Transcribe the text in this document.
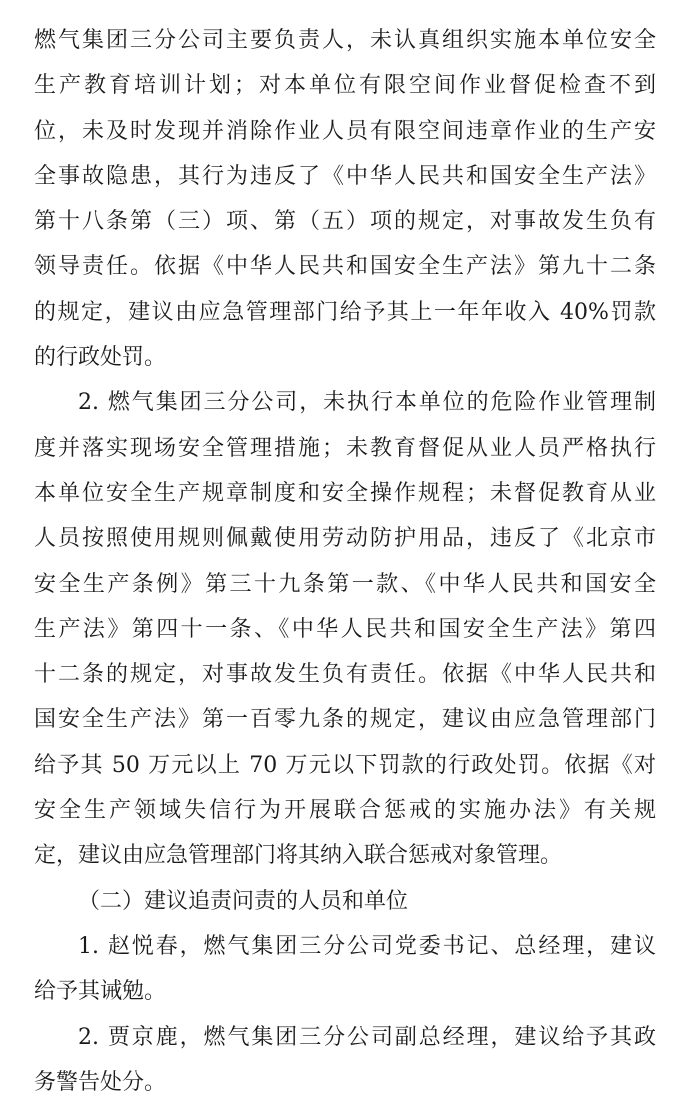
燃气集团三分公司主要负责人，未认真组织实施本单位安全
生产教育培训计划；对本单位有限空间作业督促检查不到
位，未及时发现并消除作业人员有限空间违章作业的生产安
全事故隐患，其行为违反了《中华人民共和国安全生产法》
第十八条第（三）项、第（五）项的规定，对事故发生负有
领导责任。依据《中华人民共和国安全生产法》第九十二条
的规定，建议由应急管理部门给予其上一年年收入 40%罚款
的行政处罚。
2. 燃气集团三分公司，未执行本单位的危险作业管理制
度并落实现场安全管理措施；未教育督促从业人员严格执行
本单位安全生产规章制度和安全操作规程；未督促教育从业
人员按照使用规则佩戴使用劳动防护用品，违反了《北京市
安全生产条例》第三十九条第一款、《中华人民共和国安全
生产法》第四十一条、《中华人民共和国安全生产法》第四
十二条的规定，对事故发生负有责任。依据《中华人民共和
国安全生产法》第一百零九条的规定，建议由应急管理部门
给予其 50 万元以上 70 万元以下罚款的行政处罚。依据《对
安全生产领域失信行为开展联合惩戒的实施办法》有关规
定，建议由应急管理部门将其纳入联合惩戒对象管理。
（二）建议追责问责的人员和单位
1. 赵悦春，燃气集团三分公司党委书记、总经理，建议
给予其诫勉。
2. 贾京鹿，燃气集团三分公司副总经理，建议给予其政
务警告处分。
